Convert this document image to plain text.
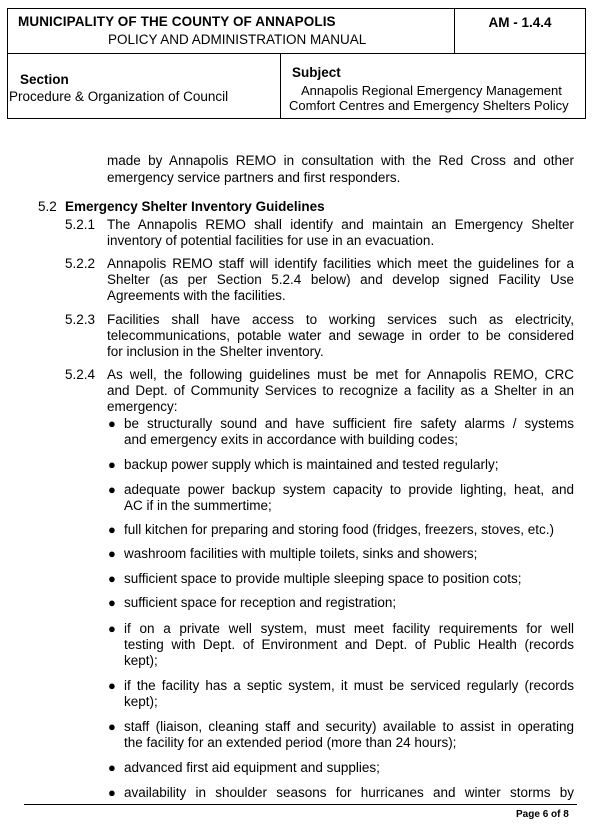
MUNICIPALITY OF THE COUNTY OF ANNAPOLIS
POLICY AND ADMINISTRATION MANUAL
AM - 1.4.4
Section
Procedure & Organization of Council
Subject
Annapolis Regional Emergency Management
Comfort Centres and Emergency Shelters Policy
made by Annapolis REMO in consultation with the Red Cross and other
emergency service partners and first responders.
5.2 Emergency Shelter Inventory Guidelines
5.2.1 The Annapolis REMO shall identify and maintain an Emergency Shelter
inventory of potential facilities for use in an evacuation.
5.2.2 Annapolis REMO staff will identify facilities which meet the guidelines for a
Shelter (as per Section 5.2.4 below) and develop signed Facility Use
Agreements with the facilities.
5.2.3 Facilities shall have access to working services such as electricity,
telecommunications, potable water and sewage in order to be considered
for inclusion in the Shelter inventory.
5.2.4 As well, the following guidelines must be met for Annapolis REMO, CRC
and Dept. of Community Services to recognize a facility as a Shelter in an
emergency:
● be structurally sound and have sufficient fire safety alarms / systems
and emergency exits in accordance with building codes;
● backup power supply which is maintained and tested regularly;
● adequate power backup system capacity to provide lighting, heat, and
AC if in the summertime;
● full kitchen for preparing and storing food (fridges, freezers, stoves, etc.)
● washroom facilities with multiple toilets, sinks and showers;
● sufficient space to provide multiple sleeping space to position cots;
● sufficient space for reception and registration;
● if on a private well system, must meet facility requirements for well
testing with Dept. of Environment and Dept. of Public Health (records
kept);
● if the facility has a septic system, it must be serviced regularly (records
kept);
● staff (liaison, cleaning staff and security) available to assist in operating
the facility for an extended period (more than 24 hours);
● advanced first aid equipment and supplies;
● availability in shoulder seasons for hurricanes and winter storms by
Page 6 of 8
